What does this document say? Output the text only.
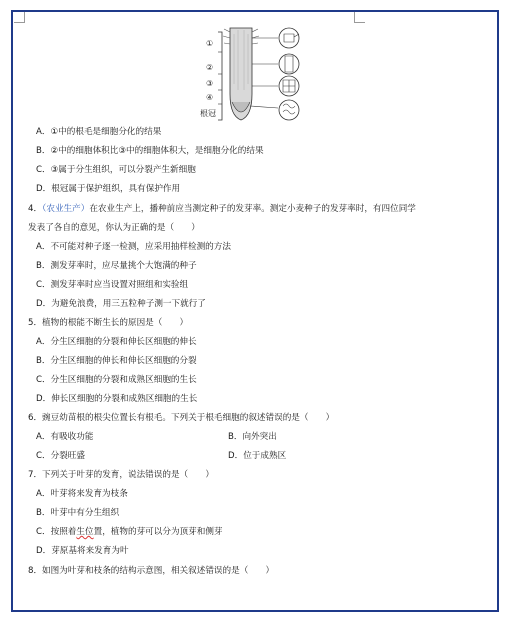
①
②
③
④
根冠
A．①中的根毛是细胞分化的结果
B．②中的细胞体积比③中的细胞体积大，是细胞分化的结果
C．③属于分生组织，可以分裂产生新细胞
D．根冠属于保护组织，具有保护作用
4．（农业生产）在农业生产上，播种前应当测定种子的发芽率。测定小麦种子的发芽率时，有四位同学
发表了各自的意见，你认为正确的是（　　）
A．不可能对种子逐一检测，应采用抽样检测的方法
B．测发芽率时，应尽量挑个大饱满的种子
C．测发芽率时应当设置对照组和实验组
D．为避免浪费，用三五粒种子测一下就行了
5．植物的根能不断生长的原因是（　　）
A．分生区细胞的分裂和伸长区细胞的伸长
B．分生区细胞的伸长和伸长区细胞的分裂
C．分生区细胞的分裂和成熟区细胞的生长
D．伸长区细胞的分裂和成熟区细胞的生长
6．豌豆幼苗根的根尖位置长有根毛。下列关于根毛细胞的叙述错误的是（　　）
A．有吸收功能	B．向外突出
C．分裂旺盛	D．位于成熟区
7．下列关于叶芽的发育，说法错误的是（　　）
A．叶芽将来发育为枝条
B．叶芽中有分生组织
C．按照着生位置，植物的芽可以分为顶芽和侧芽
D．芽原基将来发育为叶
8．如图为叶芽和枝条的结构示意图，相关叙述错误的是（　　）
